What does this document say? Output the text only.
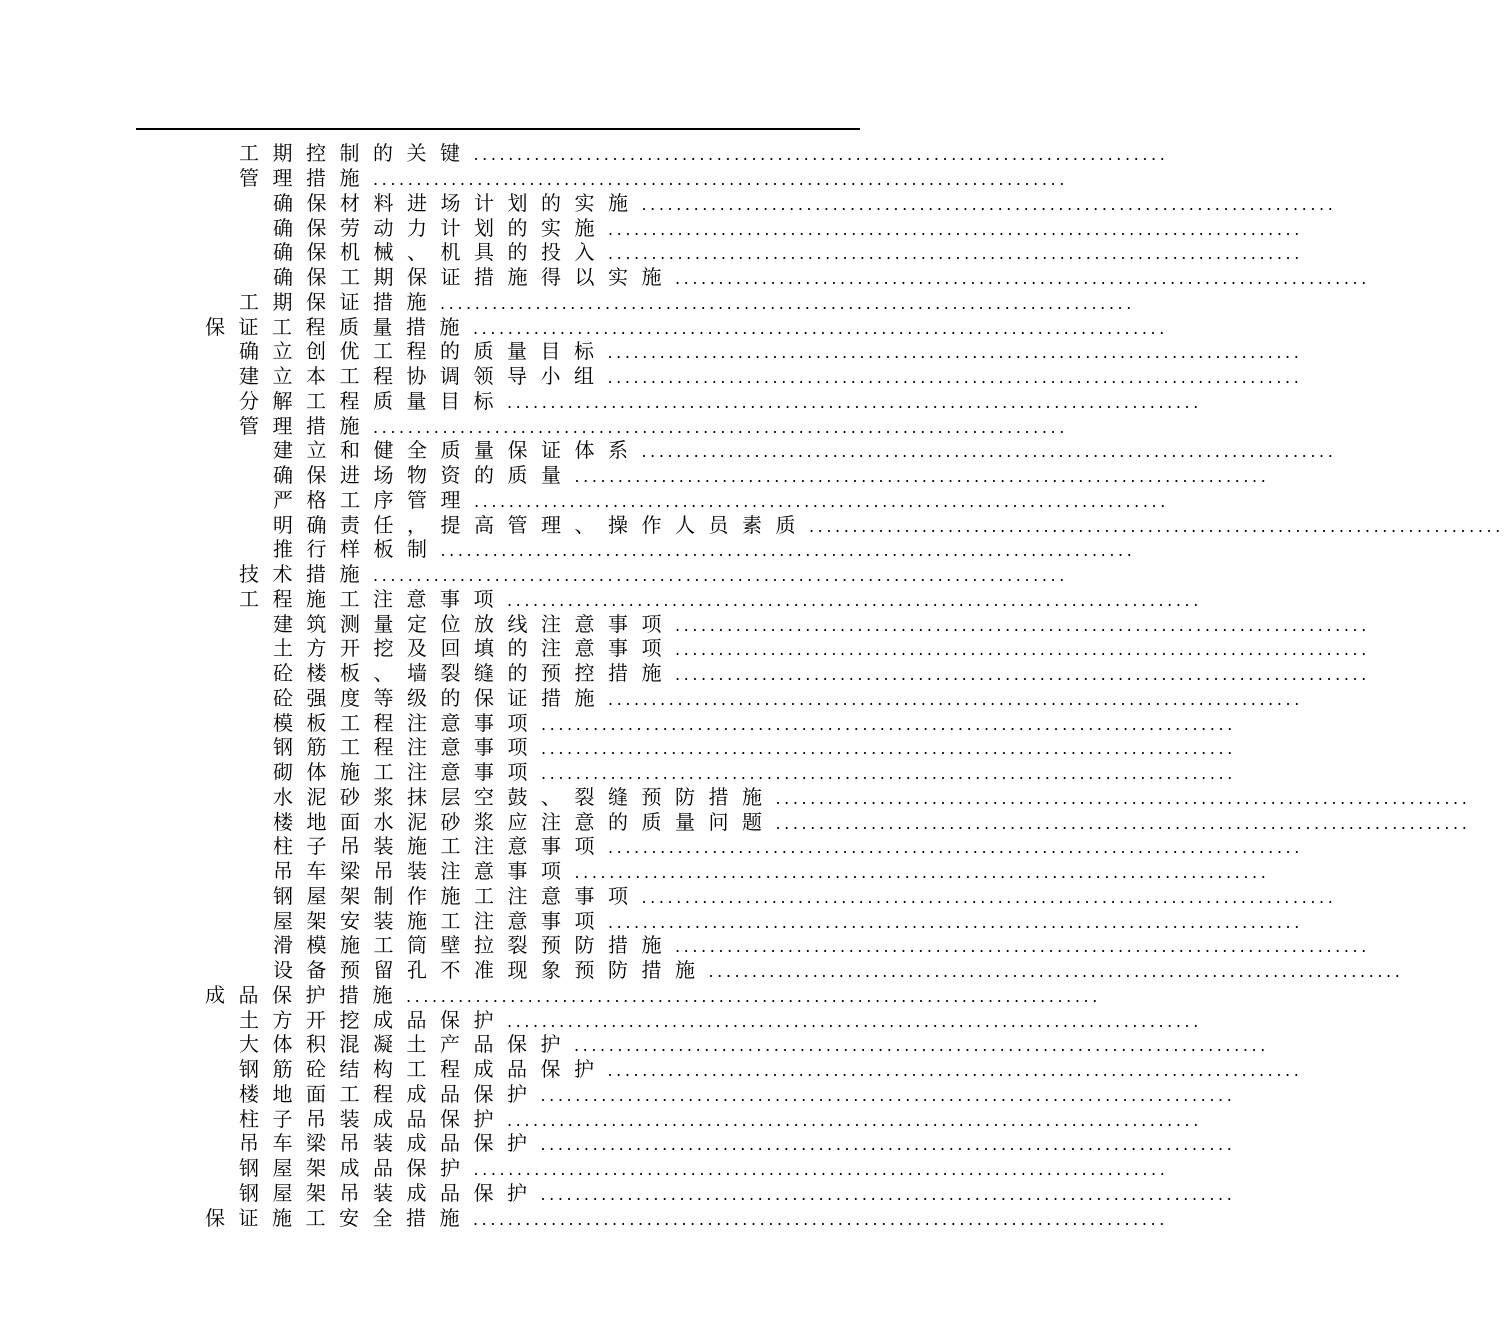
工期控制的关键 ................................................................................
管理措施 ................................................................................
确保材料进场计划的实施 ................................................................................
确保劳动力计划的实施 ................................................................................
确保机械、机具的投入 ................................................................................
确保工期保证措施得以实施 ................................................................................
工期保证措施 ................................................................................
保证工程质量措施 ................................................................................
确立创优工程的质量目标 ................................................................................
建立本工程协调领导小组 ................................................................................
分解工程质量目标 ................................................................................
管理措施 ................................................................................
建立和健全质量保证体系 ................................................................................
确保进场物资的质量 ................................................................................
严格工序管理 ................................................................................
明确责任，提高管理、操作人员素质 ................................................................................
推行样板制 ................................................................................
技术措施 ................................................................................
工程施工注意事项 ................................................................................
建筑测量定位放线注意事项 ................................................................................
土方开挖及回填的注意事项 ................................................................................
砼楼板、墙裂缝的预控措施 ................................................................................
砼强度等级的保证措施 ................................................................................
模板工程注意事项 ................................................................................
钢筋工程注意事项 ................................................................................
砌体施工注意事项 ................................................................................
水泥砂浆抹层空鼓、裂缝预防措施 ................................................................................
楼地面水泥砂浆应注意的质量问题 ................................................................................
柱子吊装施工注意事项 ................................................................................
吊车梁吊装注意事项 ................................................................................
钢屋架制作施工注意事项 ................................................................................
屋架安装施工注意事项 ................................................................................
滑模施工筒壁拉裂预防措施 ................................................................................
设备预留孔不准现象预防措施 ................................................................................
成品保护措施 ................................................................................
土方开挖成品保护 ................................................................................
大体积混凝土产品保护 ................................................................................
钢筋砼结构工程成品保护 ................................................................................
楼地面工程成品保护 ................................................................................
柱子吊装成品保护 ................................................................................
吊车梁吊装成品保护 ................................................................................
钢屋架成品保护 ................................................................................
钢屋架吊装成品保护 ................................................................................
保证施工安全措施 ................................................................................
